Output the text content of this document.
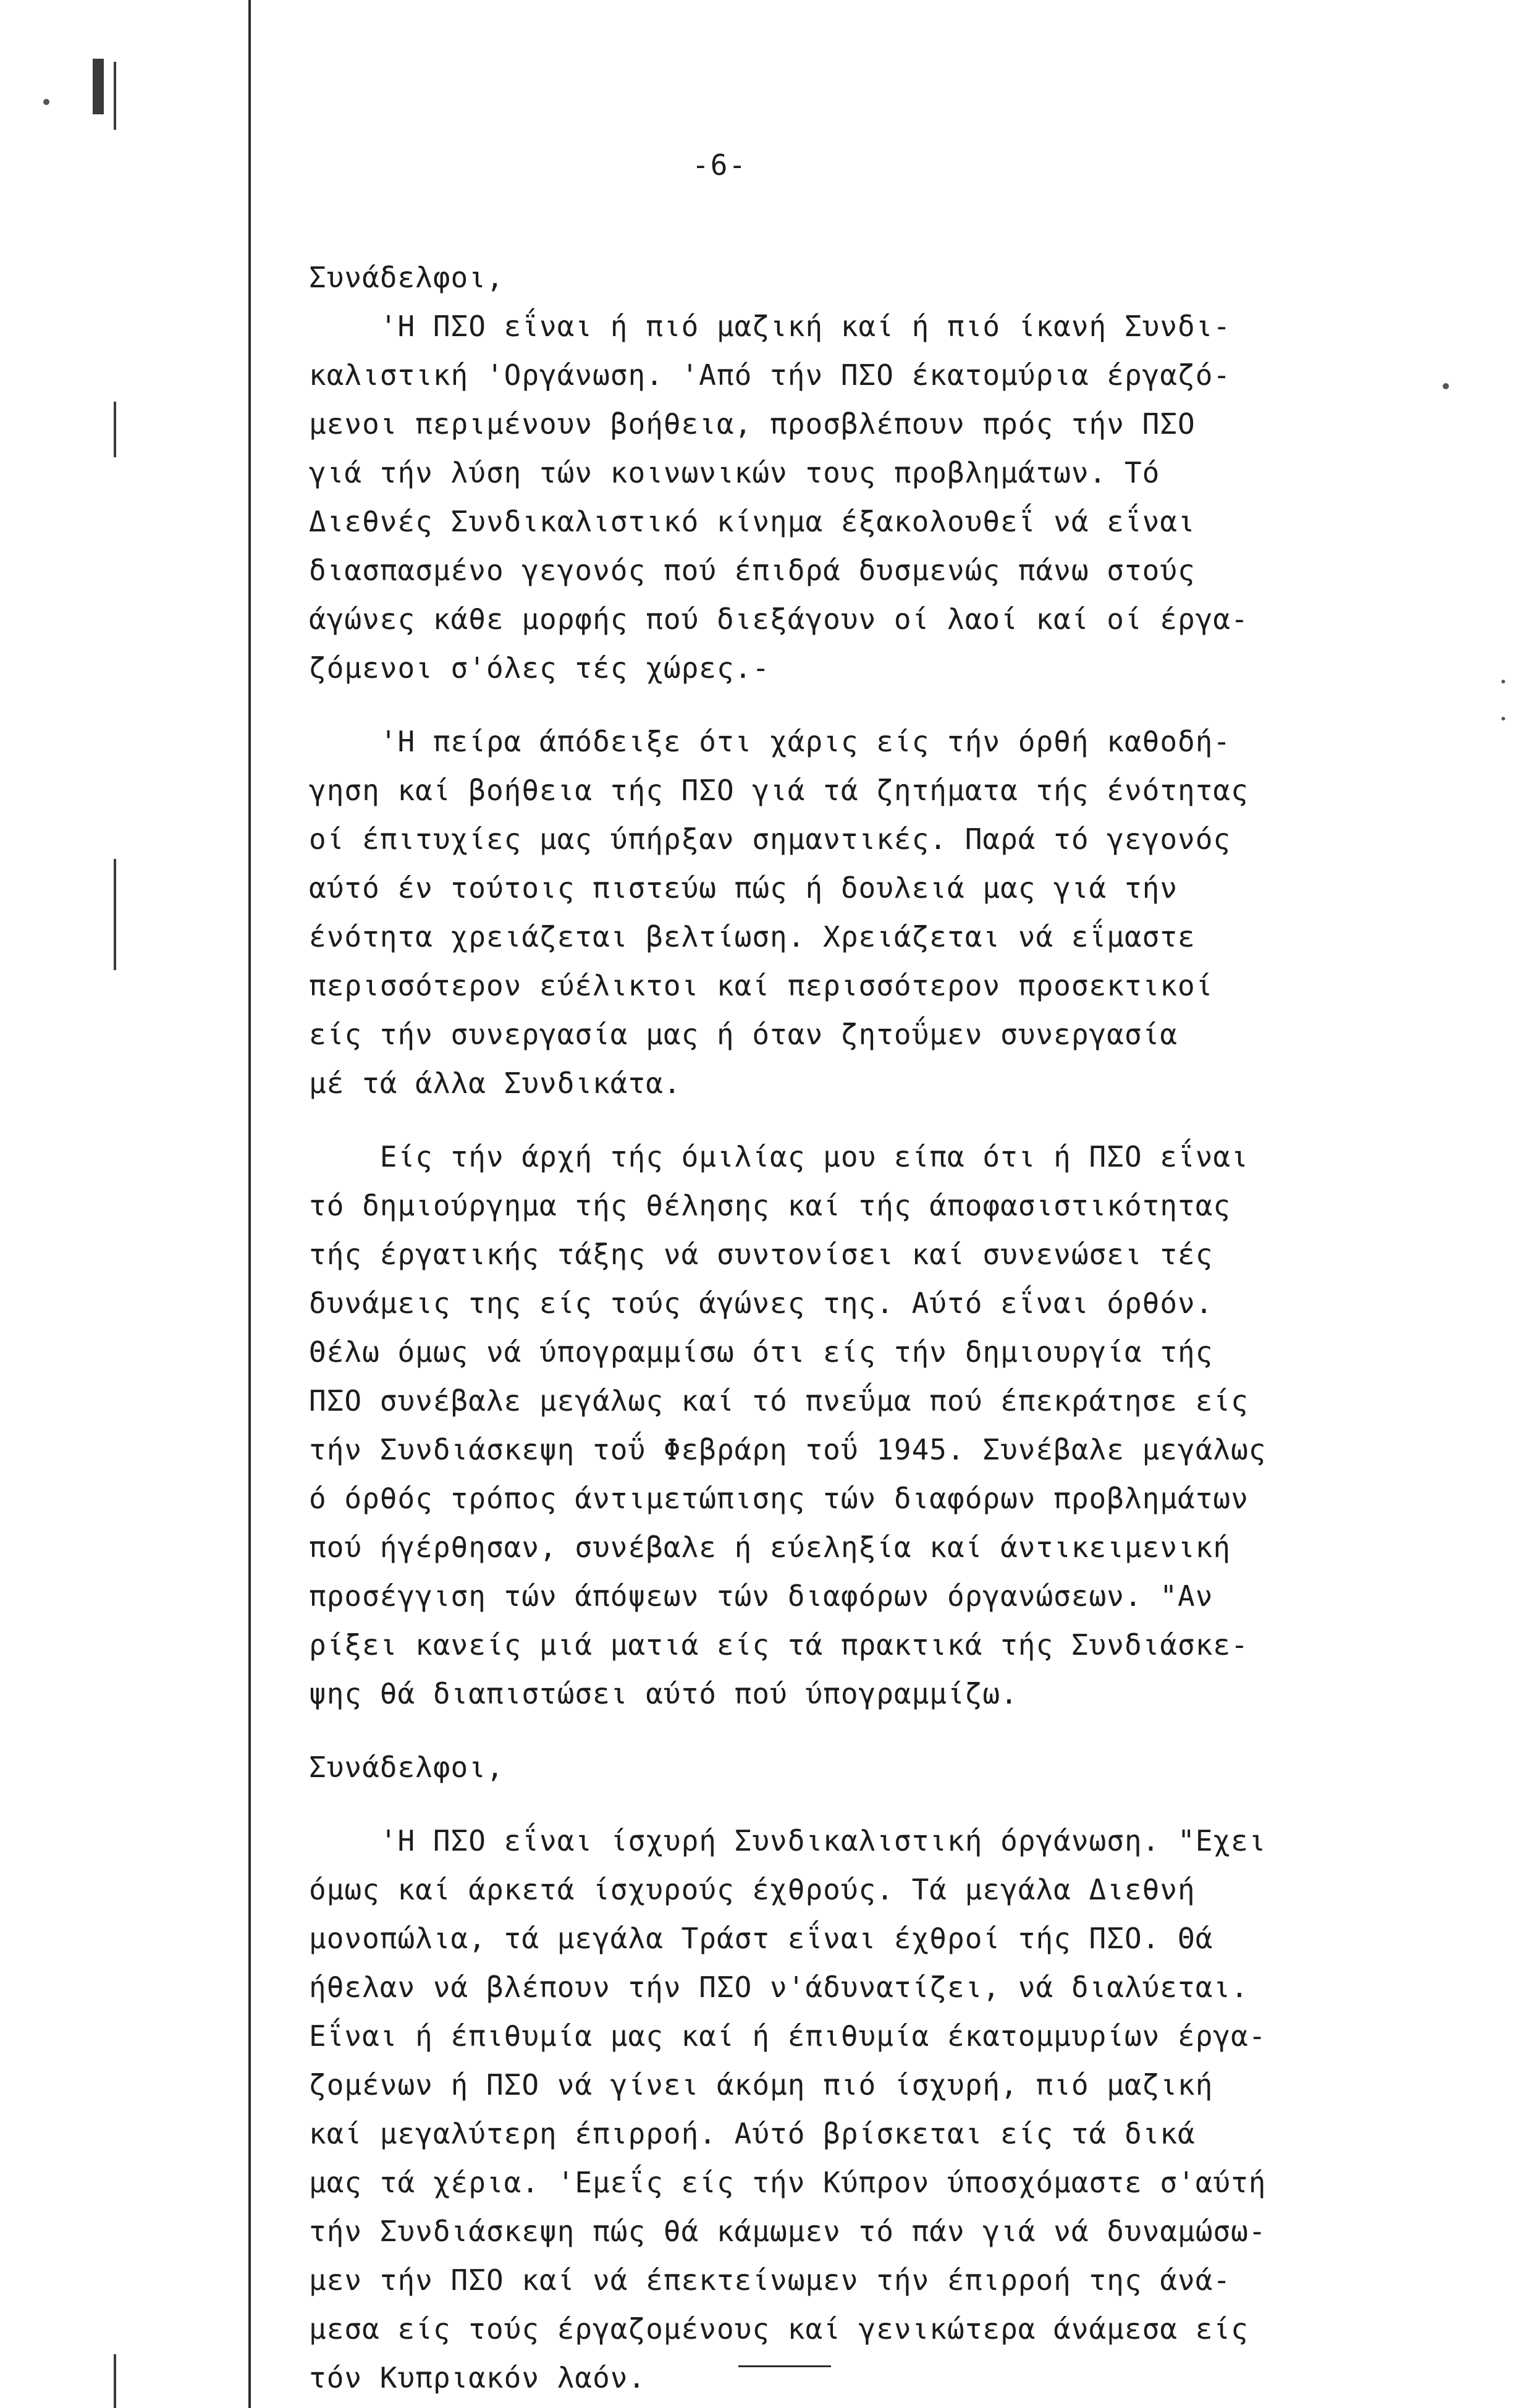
-6-
Συνάδελφοι,
'Η ΠΣΟ εΐναι ή πιό μαζική καί ή πιό ίκανή Συνδι-
καλιστική 'Οργάνωση. 'Από τήν ΠΣΟ έκατομύρια έργαζό-
μενοι περιμένουν βοήθεια, προσβλέπουν πρός τήν ΠΣΟ
γιά τήν λύση τών κοινωνικών τους προβλημάτων. Τό
Διεθνές Συνδικαλιστικό κίνημα έξακολουθεΐ νά εΐναι
διασπασμένο γεγονός πού έπιδρά δυσμενώς πάνω στούς
άγώνες κάθε μορφής πού διεξάγουν οί λαοί καί οί έργα-
ζόμενοι σ'όλες τές χώρες.-
'Η πείρα άπόδειξε ότι χάρις είς τήν όρθή καθοδή-
γηση καί βοήθεια τής ΠΣΟ γιά τά ζητήματα τής ένότητας
οί έπιτυχίες μας ύπήρξαν σημαντικές. Παρά τό γεγονός
αύτό έν τούτοις πιστεύω πώς ή δουλειά μας γιά τήν
ένότητα χρειάζεται βελτίωση. Χρειάζεται νά εΐμαστε
περισσότερον εύέλικτοι καί περισσότερον προσεκτικοί
είς τήν συνεργασία μας ή όταν ζητοΰμεν συνεργασία
μέ τά άλλα Συνδικάτα.
Είς τήν άρχή τής όμιλίας μου είπα ότι ή ΠΣΟ εΐναι
τό δημιούργημα τής θέλησης καί τής άποφασιστικότητας
τής έργατικής τάξης νά συντονίσει καί συνενώσει τές
δυνάμεις της είς τούς άγώνες της. Αύτό εΐναι όρθόν.
Θέλω όμως νά ύπογραμμίσω ότι είς τήν δημιουργία τής
ΠΣΟ συνέβαλε μεγάλως καί τό πνεΰμα πού έπεκράτησε είς
τήν Συνδιάσκεψη τοΰ Φεβράρη τοΰ 1945. Συνέβαλε μεγάλως
ό όρθός τρόπος άντιμετώπισης τών διαφόρων προβλημάτων
πού ήγέρθησαν, συνέβαλε ή εύεληξία καί άντικειμενική
προσέγγιση τών άπόψεων τών διαφόρων όργανώσεων. "Αν
ρίξει κανείς μιά ματιά είς τά πρακτικά τής Συνδιάσκε-
ψης θά διαπιστώσει αύτό πού ύπογραμμίζω.
Συνάδελφοι,
'Η ΠΣΟ εΐναι ίσχυρή Συνδικαλιστική όργάνωση. "Εχει
όμως καί άρκετά ίσχυρούς έχθρούς. Τά μεγάλα Διεθνή
μονοπώλια, τά μεγάλα Τράστ εΐναι έχθροί τής ΠΣΟ. Θά
ήθελαν νά βλέπουν τήν ΠΣΟ ν'άδυνατίζει, νά διαλύεται.
Εΐναι ή έπιθυμία μας καί ή έπιθυμία έκατομμυρίων έργα-
ζομένων ή ΠΣΟ νά γίνει άκόμη πιό ίσχυρή, πιό μαζική
καί μεγαλύτερη έπιρροή. Αύτό βρίσκεται είς τά δικά
μας τά χέρια. 'Εμεΐς είς τήν Κύπρον ύποσχόμαστε σ'αύτή
τήν Συνδιάσκεψη πώς θά κάμωμεν τό πάν γιά νά δυναμώσω-
μεν τήν ΠΣΟ καί νά έπεκτείνωμεν τήν έπιρροή της άνά-
μεσα είς τούς έργαζομένους καί γενικώτερα άνάμεσα είς
τόν Κυπριακόν λαόν.
